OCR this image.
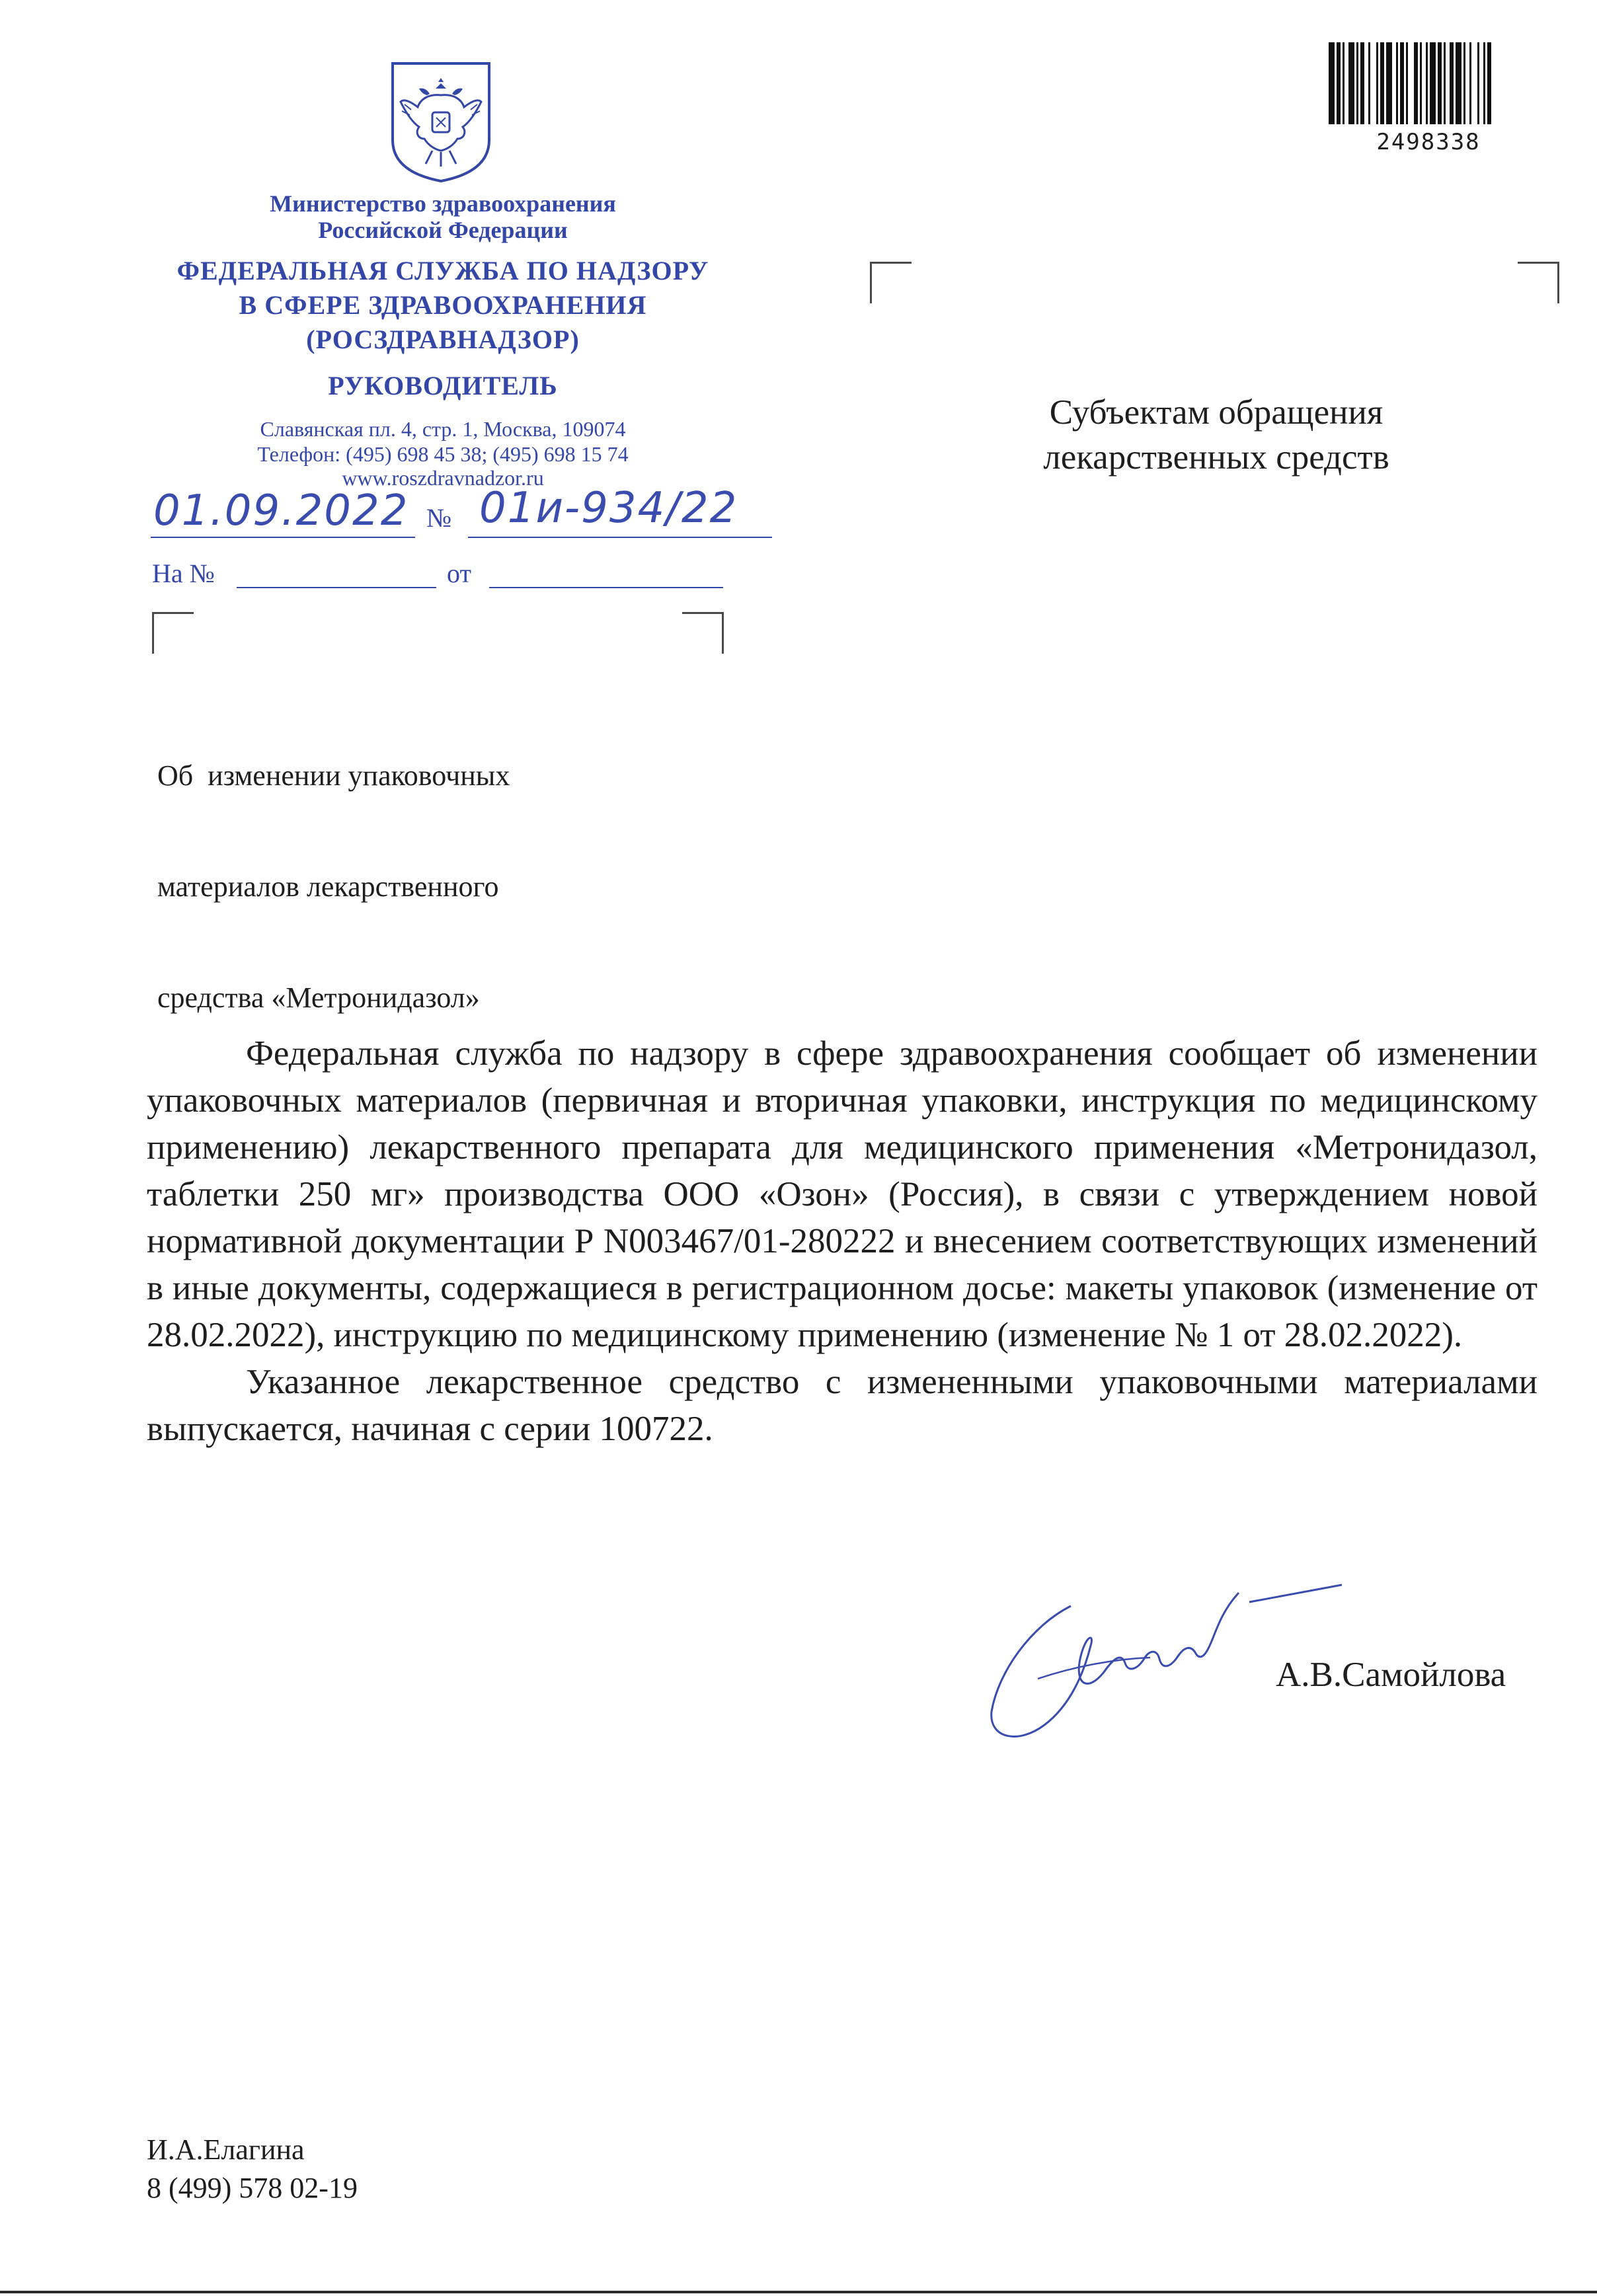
Министерство здравоохранения
Российской Федерации
ФЕДЕРАЛЬНАЯ СЛУЖБА ПО НАДЗОРУ
В СФЕРЕ ЗДРАВООХРАНЕНИЯ
(РОСЗДРАВНАДЗОР)
РУКОВОДИТЕЛЬ
Славянская пл. 4, стр. 1, Москва, 109074
Телефон: (495) 698 45 38; (495) 698 15 74
www.roszdravnadzor.ru
01.09.2022 № 01и-934/22
На №	от
2498338
Субъектам обращения
лекарственных средств

Об  изменении упаковочных

материалов лекарственного

средства «Метронидазол»

Федеральная служба по надзору в сфере здравоохранения сообщает об изменении упаковочных материалов (первичная и вторичная упаковки, инструкция по медицинскому применению) лекарственного препарата для медицинского применения «Метронидазол, таблетки 250 мг» производства ООО «Озон» (Россия), в связи с утверждением новой нормативной документации Р N003467/01-280222 и внесением соответствующих изменений в иные документы, содержащиеся в регистрационном досье: макеты упаковок (изменение от 28.02.2022), инструкцию по медицинскому применению (изменение № 1 от 28.02.2022).

Указанное лекарственное средство с измененными упаковочными материалами выпускается, начиная с серии 100722.

А.В.Самойлова
И.А.Елагина
8 (499) 578 02-19
